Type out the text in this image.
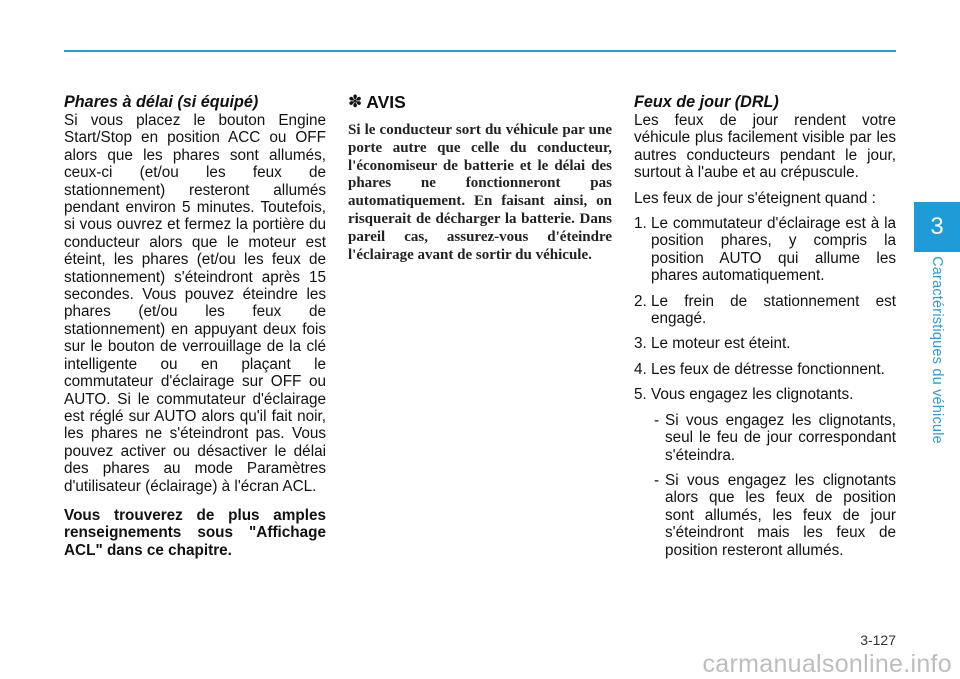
Phares à délai (si équipé)

Si vous placez le bouton Engine Start/Stop en position ACC ou OFF alors que les phares sont allumés, ceux-ci (et/ou les feux de stationnement) resteront allumés pendant environ 5 minutes. Toutefois, si vous ouvrez et fermez la portière du conducteur alors que le moteur est éteint, les phares (et/ou les feux de stationnement) s'éteindront après 15 secondes. Vous pouvez éteindre les phares (et/ou les feux de stationnement) en appuyant deux fois sur le bouton de verrouillage de la clé intelligente ou en plaçant le commutateur d'éclairage sur OFF ou AUTO. Si le commutateur d'éclairage est réglé sur AUTO alors qu'il fait noir, les phares ne s'éteindront pas. Vous pouvez activer ou désactiver le délai des phares au mode Paramètres d'utilisateur (éclairage) à l'écran ACL.

Vous trouverez de plus amples renseignements sous "Affichage ACL" dans ce chapitre.

✽ AVIS

Si le conducteur sort du véhicule par une porte autre que celle du conducteur, l'économiseur de batterie et le délai des phares ne fonctionneront pas automatiquement. En faisant ainsi, on risquerait de décharger la batterie. Dans pareil cas, assurez-vous d'éteindre l'éclairage avant de sortir du véhicule.

Feux de jour (DRL)

Les feux de jour rendent votre véhicule plus facilement visible par les autres conducteurs pendant le jour, surtout à l'aube et au crépuscule.

Les feux de jour s'éteignent quand :

1. Le commutateur d'éclairage est à la position phares, y compris la position AUTO qui allume les phares automatiquement.
2. Le frein de stationnement est engagé.
3. Le moteur est éteint.
4. Les feux de détresse fonctionnent.
5. Vous engagez les clignotants.
- Si vous engagez les clignotants, seul le feu de jour correspondant s'éteindra.
- Si vous engagez les clignotants alors que les feux de position sont allumés, les feux de jour s'éteindront mais les feux de position resteront allumés.
3
Caractéristiques du véhicule
3-127
carmanualsonline.info
